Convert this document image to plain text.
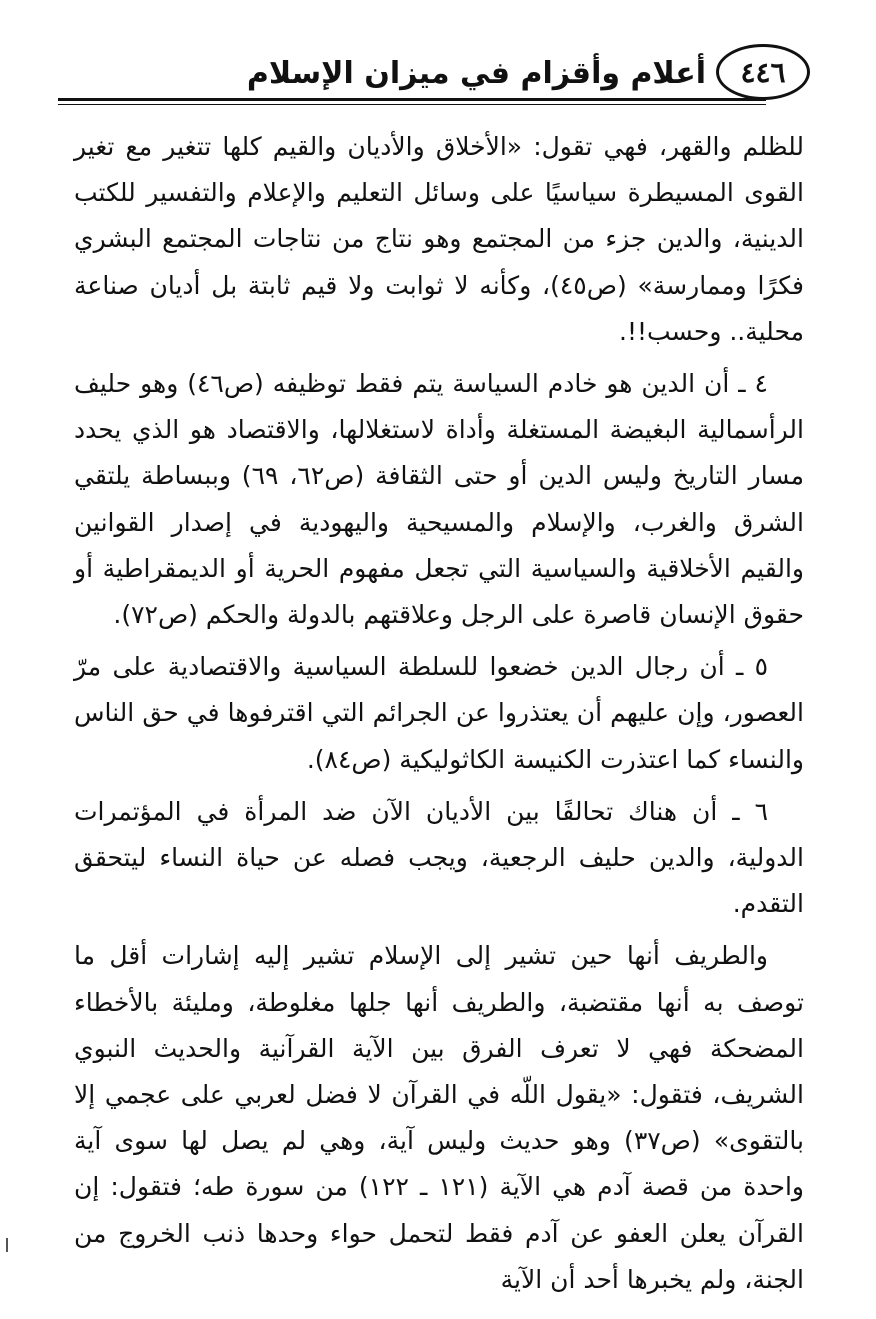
٤٤٦
أعلام وأقزام في ميزان الإسلام

للظلم والقهر، فهي تقول: «الأخلاق والأديان والقيم كلها تتغير مع تغير القوى المسيطرة سياسيًا على وسائل التعليم والإعلام والتفسير للكتب الدينية، والدين جزء من المجتمع وهو نتاج من نتاجات المجتمع البشري فكرًا وممارسة» (ص٤٥)، وكأنه لا ثوابت ولا قيم ثابتة بل أديان صناعة محلية.. وحسب!!.

٤ ـ أن الدين هو خادم السياسة يتم فقط توظيفه (ص٤٦) وهو حليف الرأسمالية البغيضة المستغلة وأداة لاستغلالها، والاقتصاد هو الذي يحدد مسار التاريخ وليس الدين أو حتى الثقافة (ص٦٢، ٦٩) وببساطة يلتقي الشرق والغرب، والإسلام والمسيحية واليهودية في إصدار القوانين والقيم الأخلاقية والسياسية التي تجعل مفهوم الحرية أو الديمقراطية أو حقوق الإنسان قاصرة على الرجل وعلاقتهم بالدولة والحكم (ص٧٢).

٥ ـ أن رجال الدين خضعوا للسلطة السياسية والاقتصادية على مرّ العصور، وإن عليهم أن يعتذروا عن الجرائم التي اقترفوها في حق الناس والنساء كما اعتذرت الكنيسة الكاثوليكية (ص٨٤).

٦ ـ أن هناك تحالفًا بين الأديان الآن ضد المرأة في المؤتمرات الدولية، والدين حليف الرجعية، ويجب فصله عن حياة النساء ليتحقق التقدم.

والطريف أنها حين تشير إلى الإسلام تشير إليه إشارات أقل ما توصف به أنها مقتضبة، والطريف أنها جلها مغلوطة، ومليئة بالأخطاء المضحكة فهي لا تعرف الفرق بين الآية القرآنية والحديث النبوي الشريف، فتقول: «يقول اللّه في القرآن لا فضل لعربي على عجمي إلا بالتقوى» (ص٣٧) وهو حديث وليس آية، وهي لم يصل لها سوى آية واحدة من قصة آدم هي الآية (١٢١ ـ ١٢٢) من سورة طه؛ فتقول: إن القرآن يعلن العفو عن آدم فقط لتحمل حواء وحدها ذنب الخروج من الجنة، ولم يخبرها أحد أن الآية
